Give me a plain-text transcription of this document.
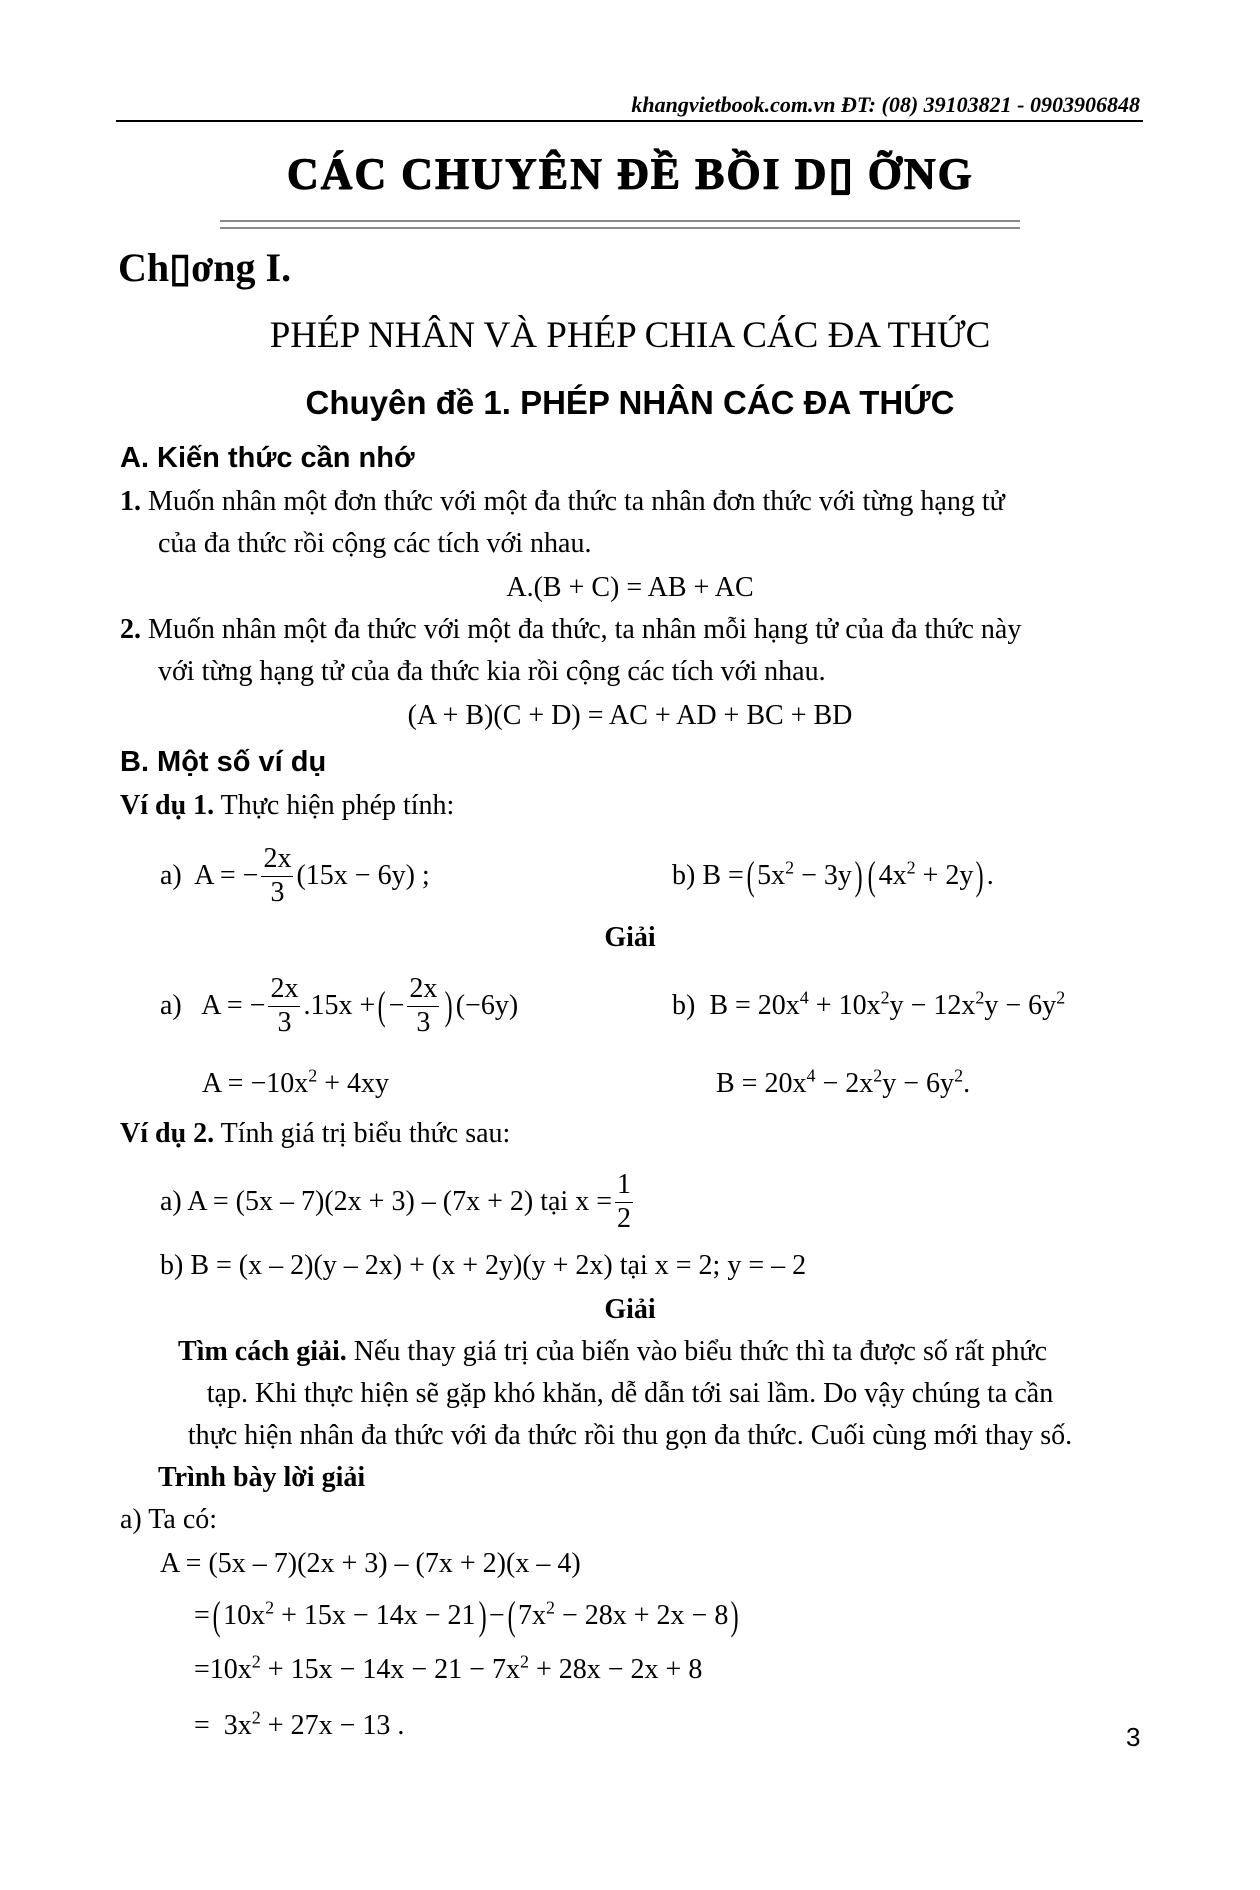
khangvietbook.com.vn ĐT: (08) 39103821 - 0903906848
CÁC CHUYÊN ĐỀ BỒI D▯ ỠNG
Ch▯ơng I.
PHÉP NHÂN VÀ PHÉP CHIA CÁC ĐA THỨC
Chuyên đề 1. PHÉP NHÂN CÁC ĐA THỨC
A. Kiến thức cần nhớ
1. Muốn nhân một đơn thức với một đa thức ta nhân đơn thức với từng hạng tử
của đa thức rồi cộng các tích với nhau.
A.(B + C) = AB + AC
2. Muốn nhân một đa thức với một đa thức, ta nhân mỗi hạng tử của đa thức này
với từng hạng tử của đa thức kia rồi cộng các tích với nhau.
(A + B)(C + D) = AC + AD + BC + BD
B. Một số ví dụ
Ví dụ 1. Thực hiện phép tính:
a)  A = − $\frac{2x}{3} (15x - 6y)$ ;	b) B = ( $5x^2 - 3y$ ) ( $4x^2 + 2y$ ) .
Giải
a)   A = − $\frac{2x}{3} .15x$ + ( − $\frac{2x}{3}$ ) (−6y)	b)  $B = 20x^4 + 10x^2y - 12x^2y - 6y^2$
$A = -10x^2 + 4xy$	$B = 20x^4 - 2x^2y - 6y^2$.
Ví dụ 2. Tính giá trị biểu thức sau:
a) A = (5x – 7)(2x + 3) – (7x + 2) tại $x = \frac{1}{2}$
b) B = (x – 2)(y – 2x) + (x + 2y)(y + 2x) tại x = 2; y = – 2
Giải
Tìm cách giải. Nếu thay giá trị của biến vào biểu thức thì ta được số rất phức
tạp. Khi thực hiện sẽ gặp khó khăn, dễ dẫn tới sai lầm. Do vậy chúng ta cần
thực hiện nhân đa thức với đa thức rồi thu gọn đa thức. Cuối cùng mới thay số.
Trình bày lời giải
a) Ta có:
A = (5x – 7)(2x + 3) – (7x + 2)(x – 4)
= ( $10x^2 + 15x - 14x - 21$ ) − ( $7x^2 - 28x + 2x - 8$ )
$=10x^2 + 15x - 14x - 21 - 7x^2 + 28x - 2x + 8$
=  $3x^2 + 27x - 13$ .	3
